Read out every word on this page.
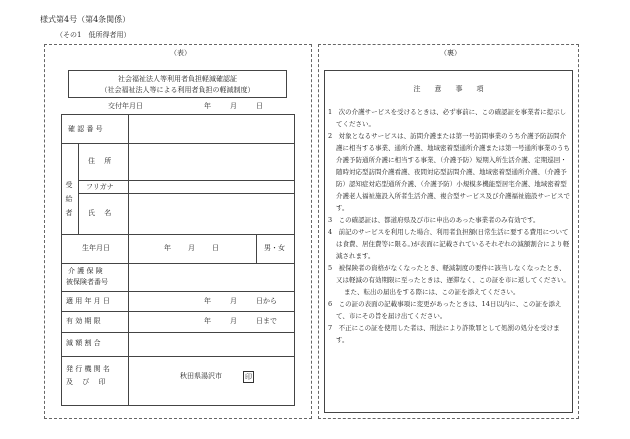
様式第4号（第4条関係）
（その1　低所得者用）
（表）
社会福祉法人等利用者負担軽減確認証
（社会福祉法人等による利用者負担の軽減制度）
交付年月日	年	月	日
確 認 番 号
受 給 者
住　 所
フリガナ
氏　 名
生年月日	年 月 日	男・女
介 護 保 険
被保険者番号
適 用 年 月 日	年	月	日から
有 効 期 限	年	月	日まで
減 額 割 合
発 行 機 関 名
及　 び　 印
秋田県湯沢市	印
（裏）
注　　意　　事　　項

1　次の介護サービスを受けるときは、必ず事前に、この確認証を事業者に提示してください。

2　対象となるサービスは、訪問介護または第一号訪問事業のうち介護予防訪問介護に相当する事業、通所介護、地域密着型通所介護または第一号通所事業のうち介護予防通所介護に相当する事業、（介護予防）短期入所生活介護、定期巡回・随時対応型訪問介護看護、夜間対応型訪問介護、地域密着型通所介護、（介護予防）認知症対応型通所介護、（介護予防）小規模多機能型居宅介護、地域密着型介護老人福祉施設入所者生活介護、複合型サービス及び介護福祉施設サービスです。

3　この確認証は、都道府県及び市に申出のあった事業者のみ有効です。

4　前記のサービスを利用した場合、利用者負担額(日常生活に要する費用については食費、居住費等に限る。)が表面に記載されているそれぞれの減額割合により軽減されます。

5　被保険者の資格がなくなったとき、軽減制度の要件に該当しなくなったとき、又は軽減の有効期限に至ったときは、遅滞なく、この証を市に返してください。

また、転出の届出をする際には、この証を添えてください。

6　この証の表面の記載事項に変更があったときは、14日以内に、この証を添えて、市にその旨を届け出てください。

7　不正にこの証を使用した者は、刑法により詐欺罪として処罰の処分を受けます。
